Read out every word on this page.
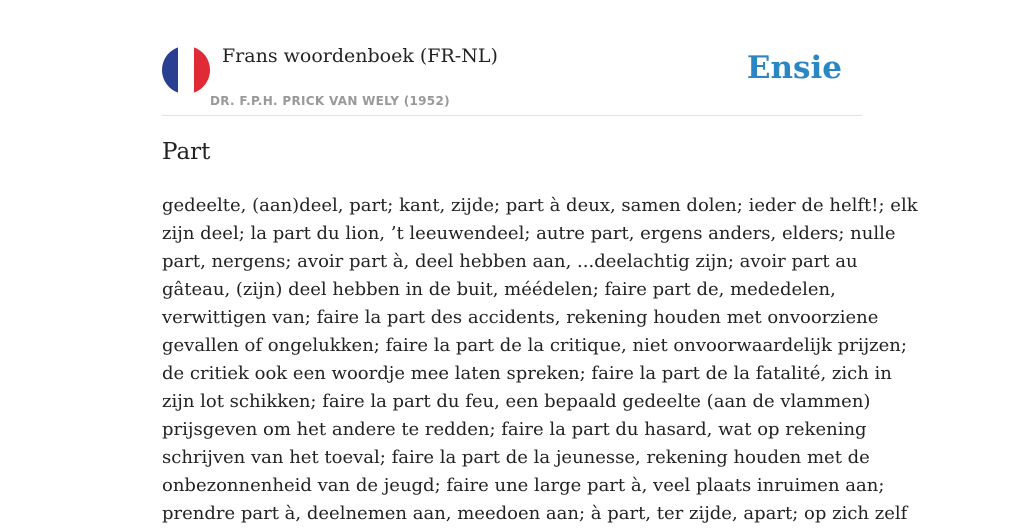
Frans woordenboek (FR-NL)
DR. F.P.H. PRICK VAN WELY (1952)
Ensie
Part

gedeelte, (aan)deel, part; kant, zijde; part à deux, samen dolen; ieder de helft!; elk
zijn deel; la part du lion, ’t leeuwendeel; autre part, ergens anders, elders; nulle
part, nergens; avoir part à, deel hebben aan, ...deelachtig zijn; avoir part au
gâteau, (zijn) deel hebben in de buit, méédelen; faire part de, mededelen,
verwittigen van; faire la part des accidents, rekening houden met onvoorziene
gevallen of ongelukken; faire la part de la critique, niet onvoorwaardelijk prijzen;
de critiek ook een woordje mee laten spreken; faire la part de la fatalité, zich in
zijn lot schikken; faire la part du feu, een bepaald gedeelte (aan de vlammen)
prijsgeven om het andere te redden; faire la part du hasard, wat op rekening
schrijven van het toeval; faire la part de la jeunesse, rekening houden met de
onbezonnenheid van de jeugd; faire une large part à, veel plaats inruimen aan;
prendre part à, deelnemen aan, meedoen aan; à part, ter zijde, apart; op zich zelf
